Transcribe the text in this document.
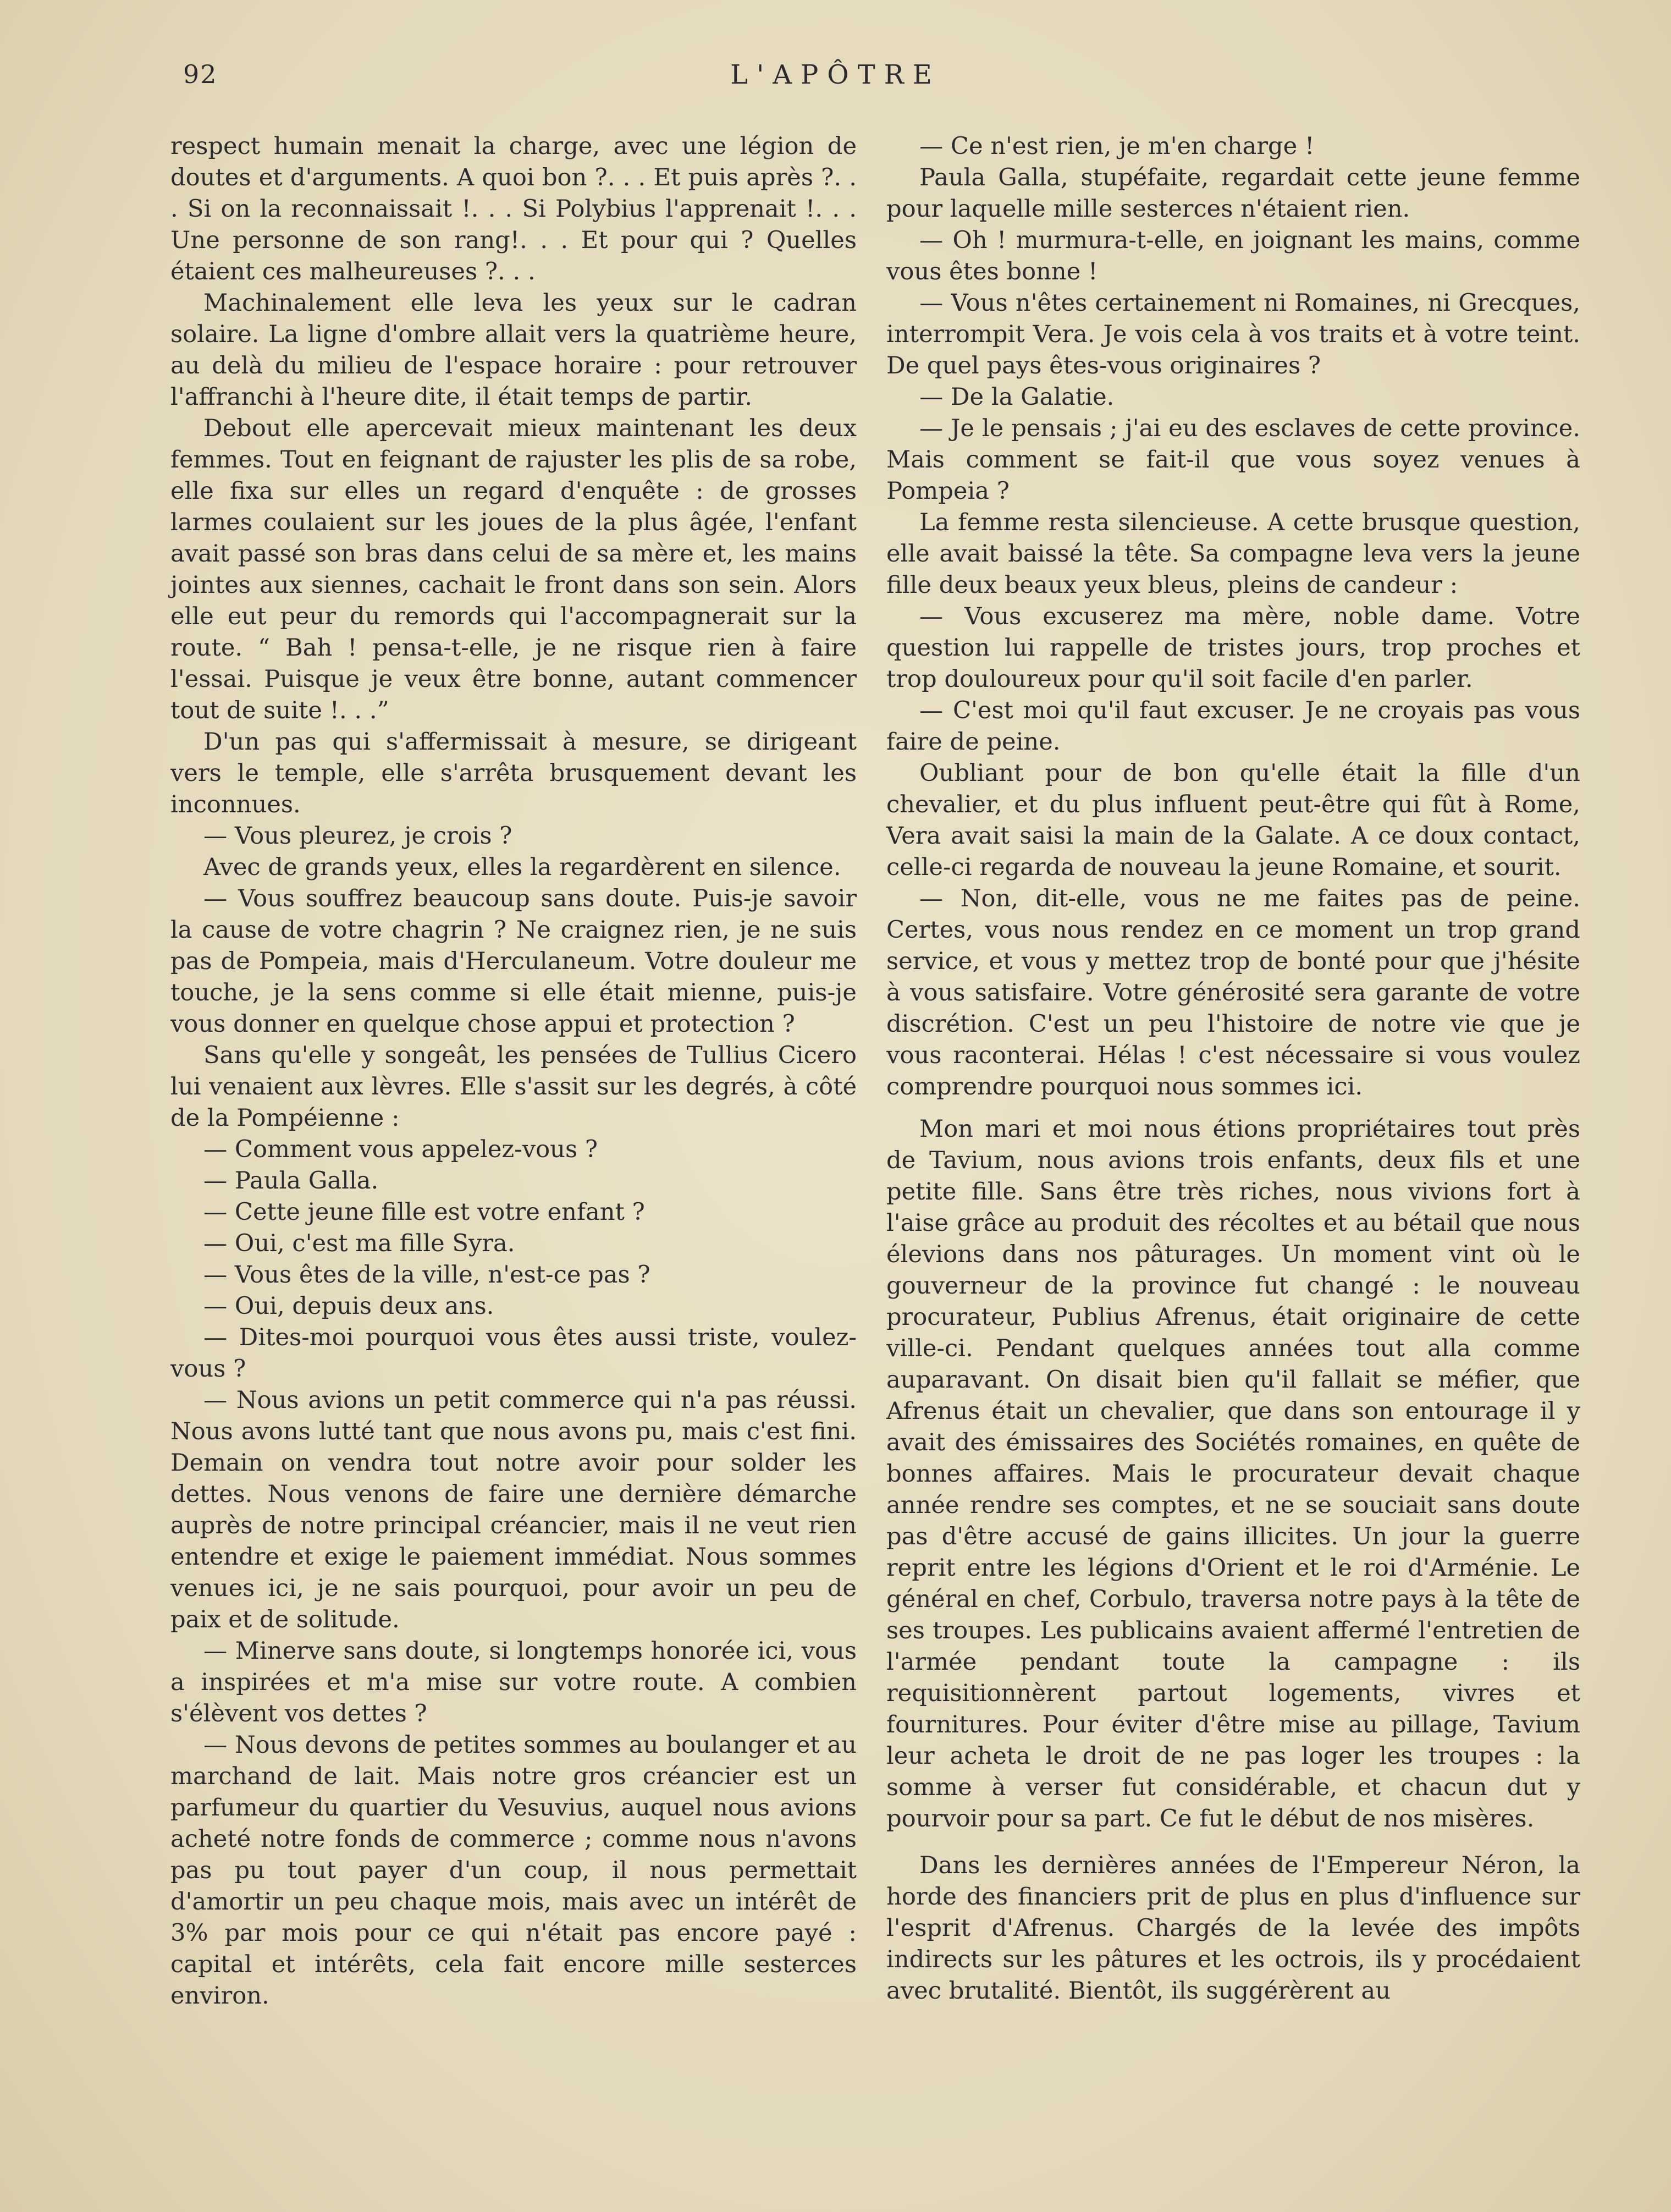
92	L'APÔTRE

respect humain menait la charge, avec une légion de doutes et d'arguments. A quoi bon ?. . . Et puis après ?. . . Si on la reconnaissait !. . . Si Polybius l'apprenait !. . . Une personne de son rang!. . . Et pour qui ? Quelles étaient ces malheureuses ?. . .

Machinalement elle leva les yeux sur le cadran solaire. La ligne d'ombre allait vers la quatrième heure, au delà du milieu de l'espace horaire : pour retrouver l'affranchi à l'heure dite, il était temps de partir.

Debout elle apercevait mieux maintenant les deux femmes. Tout en feignant de rajuster les plis de sa robe, elle fixa sur elles un regard d'enquête : de grosses larmes coulaient sur les joues de la plus âgée, l'enfant avait passé son bras dans celui de sa mère et, les mains jointes aux siennes, cachait le front dans son sein. Alors elle eut peur du remords qui l'accompagnerait sur la route. “ Bah ! pensa-t-elle, je ne risque rien à faire l'essai. Puisque je veux être bonne, autant commencer tout de suite !. . .”

D'un pas qui s'affermissait à mesure, se dirigeant vers le temple, elle s'arrêta brusquement devant les inconnues.

— Vous pleurez, je crois ?

Avec de grands yeux, elles la regardèrent en silence.

— Vous souffrez beaucoup sans doute. Puis-je savoir la cause de votre chagrin ? Ne craignez rien, je ne suis pas de Pompeia, mais d'Herculaneum. Votre douleur me touche, je la sens comme si elle était mienne, puis-je vous donner en quelque chose appui et protection ?

Sans qu'elle y songeât, les pensées de Tullius Cicero lui venaient aux lèvres. Elle s'assit sur les degrés, à côté de la Pompéienne :

— Comment vous appelez-vous ?

— Paula Galla.

— Cette jeune fille est votre enfant ?

— Oui, c'est ma fille Syra.

— Vous êtes de la ville, n'est-ce pas ?

— Oui, depuis deux ans.

— Dites-moi pourquoi vous êtes aussi triste, voulez-vous ?

— Nous avions un petit commerce qui n'a pas réussi. Nous avons lutté tant que nous avons pu, mais c'est fini. Demain on vendra tout notre avoir pour solder les dettes. Nous venons de faire une dernière démarche auprès de notre principal créancier, mais il ne veut rien entendre et exige le paiement immédiat. Nous sommes venues ici, je ne sais pourquoi, pour avoir un peu de paix et de solitude.

— Minerve sans doute, si longtemps honorée ici, vous a inspirées et m'a mise sur votre route. A combien s'élèvent vos dettes ?

— Nous devons de petites sommes au boulanger et au marchand de lait. Mais notre gros créancier est un parfumeur du quartier du Vesuvius, auquel nous avions acheté notre fonds de commerce ; comme nous n'avons pas pu tout payer d'un coup, il nous permettait d'amortir un peu chaque mois, mais avec un intérêt de 3% par mois pour ce qui n'était pas encore payé : capital et intérêts, cela fait encore mille sesterces environ.

— Ce n'est rien, je m'en charge !

Paula Galla, stupéfaite, regardait cette jeune femme pour laquelle mille sesterces n'étaient rien.

— Oh ! murmura-t-elle, en joignant les mains, comme vous êtes bonne !

— Vous n'êtes certainement ni Romaines, ni Grecques, interrompit Vera. Je vois cela à vos traits et à votre teint. De quel pays êtes-vous originaires ?

— De la Galatie.

— Je le pensais ; j'ai eu des esclaves de cette province. Mais comment se fait-il que vous soyez venues à Pompeia ?

La femme resta silencieuse. A cette brusque question, elle avait baissé la tête. Sa compagne leva vers la jeune fille deux beaux yeux bleus, pleins de candeur :

— Vous excuserez ma mère, noble dame. Votre question lui rappelle de tristes jours, trop proches et trop douloureux pour qu'il soit facile d'en parler.

— C'est moi qu'il faut excuser. Je ne croyais pas vous faire de peine.

Oubliant pour de bon qu'elle était la fille d'un chevalier, et du plus influent peut-être qui fût à Rome, Vera avait saisi la main de la Galate. A ce doux contact, celle-ci regarda de nouveau la jeune Romaine, et sourit.

— Non, dit-elle, vous ne me faites pas de peine. Certes, vous nous rendez en ce moment un trop grand service, et vous y mettez trop de bonté pour que j'hésite à vous satisfaire. Votre générosité sera garante de votre discrétion. C'est un peu l'histoire de notre vie que je vous raconterai. Hélas ! c'est nécessaire si vous voulez comprendre pourquoi nous sommes ici.

Mon mari et moi nous étions propriétaires tout près de Tavium, nous avions trois enfants, deux fils et une petite fille. Sans être très riches, nous vivions fort à l'aise grâce au produit des récoltes et au bétail que nous élevions dans nos pâturages. Un moment vint où le gouverneur de la province fut changé : le nouveau procurateur, Publius Afrenus, était originaire de cette ville-ci. Pendant quelques années tout alla comme auparavant. On disait bien qu'il fallait se méfier, que Afrenus était un chevalier, que dans son entourage il y avait des émissaires des Sociétés romaines, en quête de bonnes affaires. Mais le procurateur devait chaque année rendre ses comptes, et ne se souciait sans doute pas d'être accusé de gains illicites. Un jour la guerre reprit entre les légions d'Orient et le roi d'Arménie. Le général en chef, Corbulo, traversa notre pays à la tête de ses troupes. Les publicains avaient affermé l'entretien de l'armée pendant toute la campagne : ils requisitionnèrent partout logements, vivres et fournitures. Pour éviter d'être mise au pillage, Tavium leur acheta le droit de ne pas loger les troupes : la somme à verser fut considérable, et chacun dut y pourvoir pour sa part. Ce fut le début de nos misères.

Dans les dernières années de l'Empereur Néron, la horde des financiers prit de plus en plus d'influence sur l'esprit d'Afrenus. Chargés de la levée des impôts indirects sur les pâtures et les octrois, ils y procédaient avec brutalité. Bientôt, ils suggérèrent au
